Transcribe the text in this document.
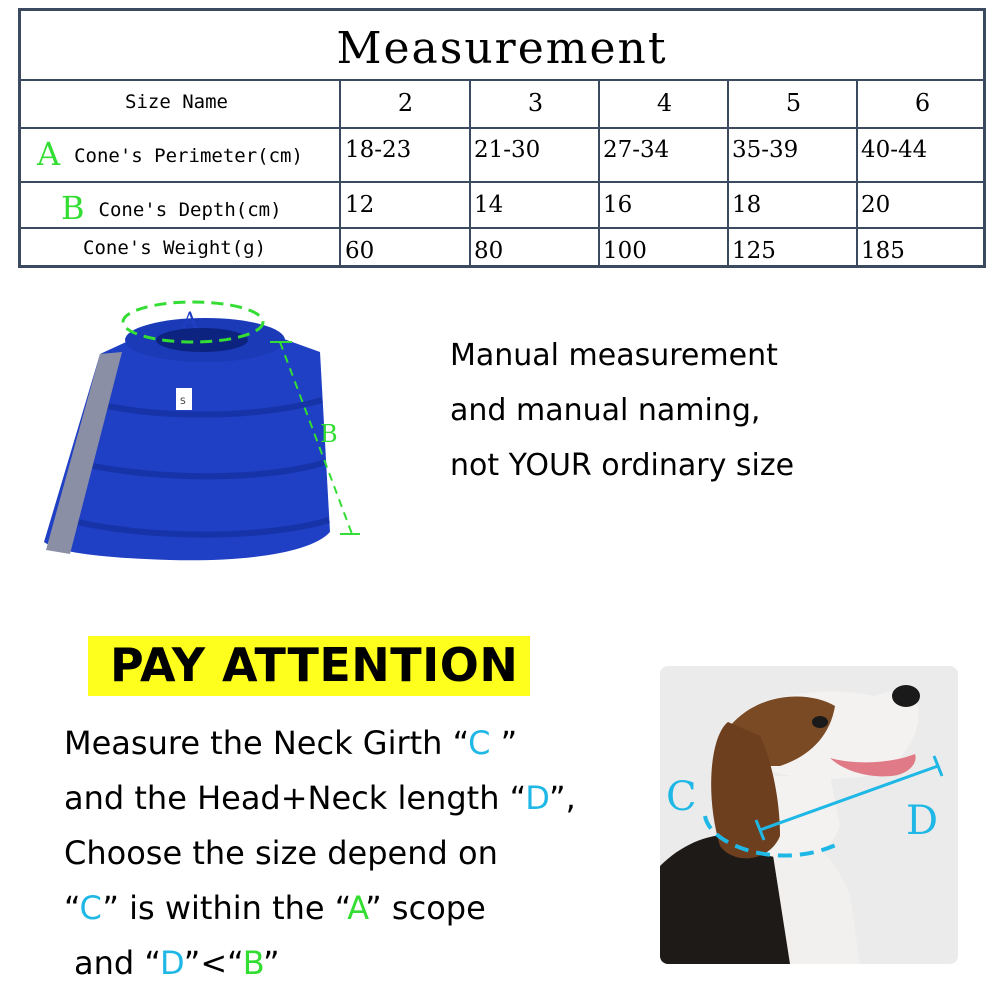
Measurement
Size Name	2	3	4	5	6
A Cone's Perimeter(cm) 18-23	21-30	27-34	35-39	40-44
B Cone's Depth(cm)	12	14	16	18	20
Cone's Weight(g)	60	80	100	125	185
S
A
B
Manual measurement
and manual naming,
not YOUR ordinary size
PAY ATTENTION
Measure the Neck Girth “C ”
and the Head+Neck length “D”,
Choose the size depend on
“C” is within the “A” scope
and “D”<“B”
C
D
